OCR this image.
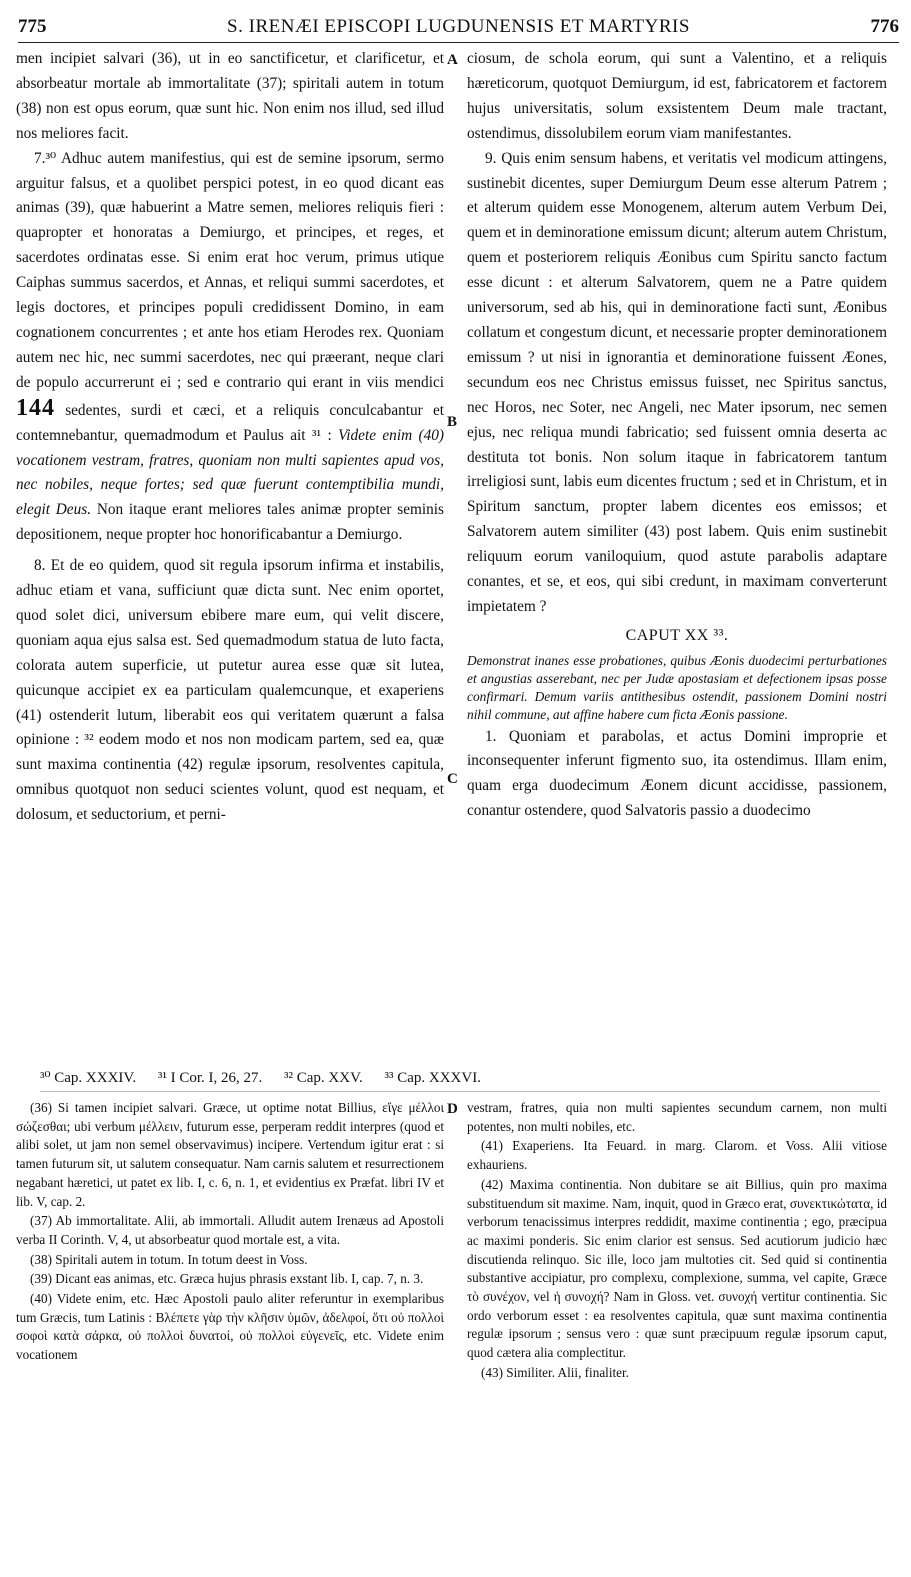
775	S. IRENÆI EPISCOPI LUGDUNENSIS ET MARTYRIS	776
A
B
C
D

men incipiet salvari (36), ut in eo sanctificetur, et clarificetur, et absorbeatur mortale ab immortalitate (37); spiritali autem in totum (38) non est opus eorum, quæ sunt hic. Non enim nos illud, sed illud nos meliores facit.

7.³⁰ Adhuc autem manifestius, qui est de semine ipsorum, sermo arguitur falsus, et a quolibet perspici potest, in eo quod dicant eas animas (39), quæ habuerint a Matre semen, meliores reliquis fieri : quapropter et honoratas a Demiurgo, et principes, et reges, et sacerdotes ordinatas esse. Si enim erat hoc verum, primus utique Caiphas summus sacerdos, et Annas, et reliqui summi sacerdotes, et legis doctores, et principes populi credidissent Domino, in eam cognationem concurrentes ; et ante hos etiam Herodes rex. Quoniam autem nec hic, nec summi sacerdotes, nec qui præerant, neque clari de populo accurrerunt ei ; sed e contrario qui erant in viis mendici 144 sedentes, surdi et cæci, et a reliquis conculcabantur et contemnebantur, quemadmodum et Paulus ait ³¹ : Videte enim (40) vocationem vestram, fratres, quoniam non multi sapientes apud vos, nec nobiles, neque fortes; sed quæ fuerunt contemptibilia mundi, elegit Deus. Non itaque erant meliores tales animæ propter seminis depositionem, neque propter hoc honorificabantur a Demiurgo.

8. Et de eo quidem, quod sit regula ipsorum infirma et instabilis, adhuc etiam et vana, sufficiunt quæ dicta sunt. Nec enim oportet, quod solet dici, universum ebibere mare eum, qui velit discere, quoniam aqua ejus salsa est. Sed quemadmodum statua de luto facta, colorata autem superficie, ut putetur aurea esse quæ sit lutea, quicunque accipiet ex ea particulam qualemcunque, et exaperiens (41) ostenderit lutum, liberabit eos qui veritatem quærunt a falsa opinione : ³² eodem modo et nos non modicam partem, sed ea, quæ sunt maxima continentia (42) regulæ ipsorum, resolventes capitula, omnibus quotquot non seduci scientes volunt, quod est nequam, et dolosum, et seductorium, et perni-

ciosum, de schola eorum, qui sunt a Valentino, et a reliquis hæreticorum, quotquot Demiurgum, id est, fabricatorem et factorem hujus universitatis, solum exsistentem Deum male tractant, ostendimus, dissolubilem eorum viam manifestantes.

9. Quis enim sensum habens, et veritatis vel modicum attingens, sustinebit dicentes, super Demiurgum Deum esse alterum Patrem ; et alterum quidem esse Monogenem, alterum autem Verbum Dei, quem et in deminoratione emissum dicunt; alterum autem Christum, quem et posteriorem reliquis Æonibus cum Spiritu sancto factum esse dicunt : et alterum Salvatorem, quem ne a Patre quidem universorum, sed ab his, qui in deminoratione facti sunt, Æonibus collatum et congestum dicunt, et necessarie propter deminorationem emissum ? ut nisi in ignorantia et deminoratione fuissent Æones, secundum eos nec Christus emissus fuisset, nec Spiritus sanctus, nec Horos, nec Soter, nec Angeli, nec Mater ipsorum, nec semen ejus, nec reliqua mundi fabricatio; sed fuissent omnia deserta ac destituta tot bonis. Non solum itaque in fabricatorem tantum irreligiosi sunt, labis eum dicentes fructum ; sed et in Christum, et in Spiritum sanctum, propter labem dicentes eos emissos; et Salvatorem autem similiter (43) post labem. Quis enim sustinebit reliquum eorum vaniloquium, quod astute parabolis adaptare conantes, et se, et eos, qui sibi credunt, in maximam converterunt impietatem ?

CAPUT XX ³³.

Demonstrat inanes esse probationes, quibus Æonis duodecimi perturbationes et angustias asserebant, nec per Judæ apostasiam et defectionem ipsas posse confirmari. Demum variis antithesibus ostendit, passionem Domini nostri nihil commune, aut affine habere cum ficta Æonis passione.

1. Quoniam et parabolas, et actus Domini improprie et inconsequenter inferunt figmento suo, ita ostendimus. Illam enim, quam erga duodecimum Æonem dicunt accidisse, passionem, conantur ostendere, quod Salvatoris passio a duodecimo

³⁰ Cap. XXXIV. ³¹ I Cor. I, 26, 27. ³² Cap. XXV. ³³ Cap. XXXVI.

(36) Si tamen incipiet salvari. Græce, ut optime notat Billius, εἴγε μέλλοι σώζεσθαι; ubi verbum μέλλειν, futurum esse, perperam reddit interpres (quod et alibi solet, ut jam non semel observavimus) incipere. Vertendum igitur erat : si tamen futurum sit, ut salutem consequatur. Nam carnis salutem et resurrectionem negabant hæretici, ut patet ex lib. I, c. 6, n. 1, et evidentius ex Præfat. libri IV et lib. V, cap. 2.

(37) Ab immortalitate. Alii, ab immortali. Alludit autem Irenæus ad Apostoli verba II Corinth. V, 4, ut absorbeatur quod mortale est, a vita.

(38) Spiritali autem in totum. In totum deest in Voss.

(39) Dicant eas animas, etc. Græca hujus phrasis exstant lib. I, cap. 7, n. 3.

(40) Videte enim, etc. Hæc Apostoli paulo aliter referuntur in exemplaribus tum Græcis, tum Latinis : Βλέπετε γὰρ τὴν κλῆσιν ὑμῶν, ἀδελφοί, ὅτι οὐ πολλοὶ σοφοὶ κατὰ σάρκα, οὐ πολλοὶ δυνατοί, οὐ πολλοὶ εὐγενεῖς, etc. Videte enim vocationem

vestram, fratres, quia non multi sapientes secundum carnem, non multi potentes, non multi nobiles, etc.

(41) Exaperiens. Ita Feuard. in marg. Clarom. et Voss. Alii vitiose exhauriens.

(42) Maxima continentia. Non dubitare se ait Billius, quin pro maxima substituendum sit maxime. Nam, inquit, quod in Græco erat, συνεκτικώτατα, id verborum tenacissimus interpres reddidit, maxime continentia ; ego, præcipua ac maximi ponderis. Sic enim clarior est sensus. Sed acutiorum judicio hæc discutienda relinquo. Sic ille, loco jam multoties cit. Sed quid si continentia substantive accipiatur, pro complexu, complexione, summa, vel capite, Græce τὸ συνέχον, vel ἡ συνοχή? Nam in Gloss. vet. συνοχή vertitur continentia. Sic ordo verborum esset : ea resolventes capitula, quæ sunt maxima continentia regulæ ipsorum ; sensus vero : quæ sunt præcipuum regulæ ipsorum caput, quod cætera alia complectitur.

(43) Similiter. Alii, finaliter.
